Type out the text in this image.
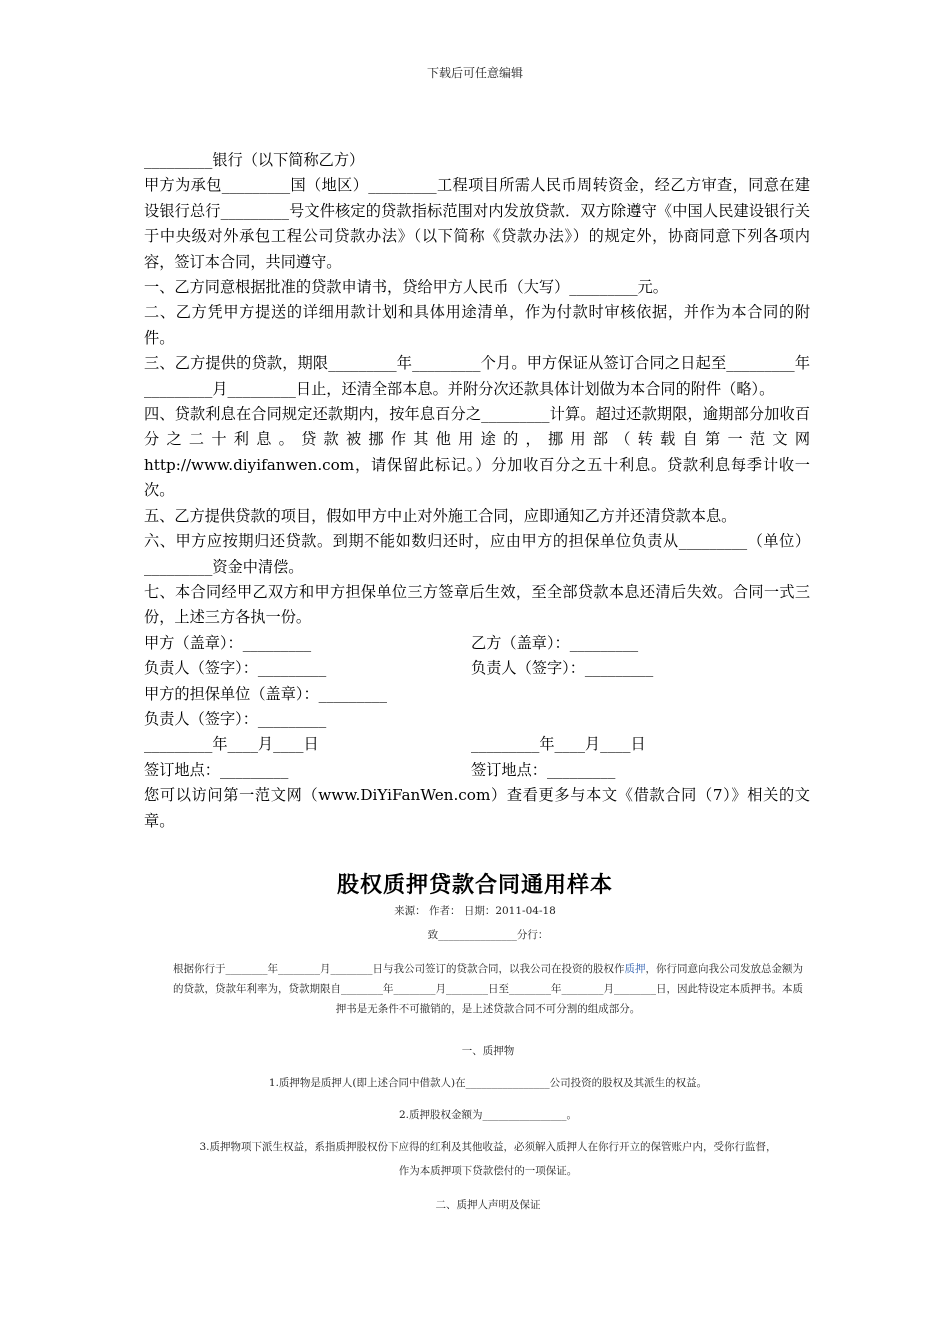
下载后可任意编辑

_________银行（以下简称乙方）

甲方为承包_________国（地区）_________工程项目所需人民币周转资金，经乙方审查，同意在建设银行总行_________号文件核定的贷款指标范围对内发放贷款．双方除遵守《中国人民建设银行关于中央级对外承包工程公司贷款办法》（以下简称《贷款办法》）的规定外，协商同意下列各项内容，签订本合同，共同遵守。

一、乙方同意根据批准的贷款申请书，贷给甲方人民币（大写）_________元。

二、乙方凭甲方提送的详细用款计划和具体用途清单，作为付款时审核依据，并作为本合同的附件。

三、乙方提供的贷款，期限_________年_________个月。甲方保证从签订合同之日起至_________年_________月_________日止，还清全部本息。并附分次还款具体计划做为本合同的附件（略）。

四、贷款利息在合同规定还款期内，按年息百分之_________计算。超过还款期限，逾期部分加收百分之二十利息。贷款被挪作其他用途的，挪用部（转载自第一范文网 http://www.diyifanwen.com，请保留此标记。）分加收百分之五十利息。贷款利息每季计收一次。

五、乙方提供贷款的项目，假如甲方中止对外施工合同，应即通知乙方并还清贷款本息。

六、甲方应按期归还贷款。到期不能如数归还时，应由甲方的担保单位负责从_________（单位）_________资金中清偿。

七、本合同经甲乙双方和甲方担保单位三方签章后生效，至全部贷款本息还清后失效。合同一式三份，上述三方各执一份。

甲方（盖章）：_________	乙方（盖章）：_________
负责人（签字）：_________	负责人（签字）：_________
甲方的担保单位（盖章）：_________
负责人（签字）：_________
_________年____月____日	_________年____月____日
签订地点：_________	签订地点：_________

您可以访问第一范文网（www.DiYiFanWen.com）查看更多与本文《借款合同（7）》相关的文章。

股权质押贷款合同通用样本
来源： 作者： 日期：2011-04-18

致_______________分行：

根据你行于________年________月________日与我公司签订的贷款合同，以我公司在投资的股权作质押，你行同意向我公司发放总金额为的贷款，贷款年利率为，贷款期限自________年________月________日至________年________月________日，因此特设定本质押书。本质押书是无条件不可撤销的，是上述贷款合同不可分割的组成部分。

一、质押物

1.质押物是质押人(即上述合同中借款人)在________________公司投资的股权及其派生的权益。

2.质押股权金额为________________。

3.质押物项下派生权益，系指质押股权份下应得的红利及其他收益，必须解入质押人在你行开立的保管账户内，受你行监督，

作为本质押项下贷款偿付的一项保证。

二、质押人声明及保证
